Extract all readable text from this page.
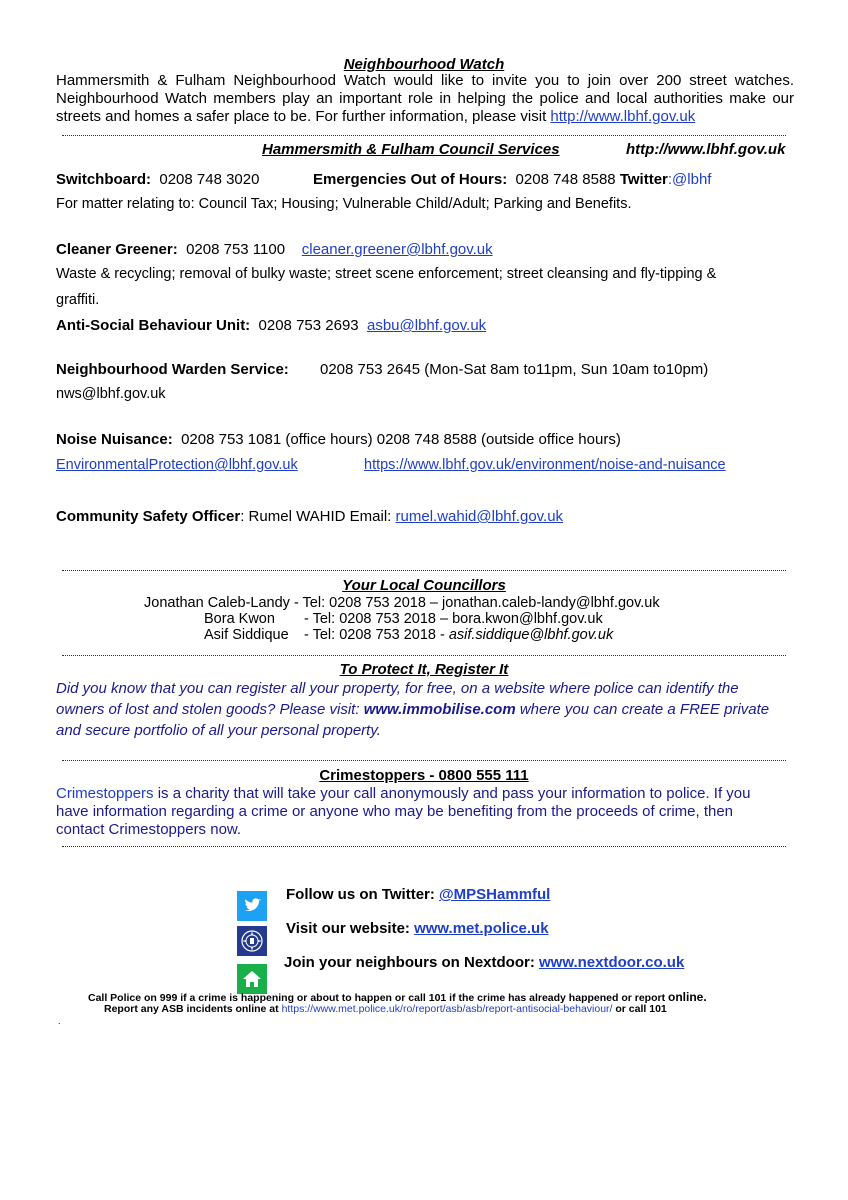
Neighbourhood Watch
Hammersmith & Fulham Neighbourhood Watch would like to invite you to join over 200 street watches. Neighbourhood Watch members play an important role in helping the police and local authorities make our streets and homes a safer place to be. For further information, please visit http://www.lbhf.gov.uk
Hammersmith & Fulham Council Services	http://www.lbhf.gov.uk
Switchboard: 0208 748 3020	Emergencies Out of Hours: 0208 748 8588 Twitter:@lbhf
For matter relating to: Council Tax; Housing; Vulnerable Child/Adult; Parking and Benefits.
Cleaner Greener: 0208 753 1100 cleaner.greener@lbhf.gov.uk
Waste & recycling; removal of bulky waste; street scene enforcement; street cleansing and fly-tipping &
graffiti.
Anti-Social Behaviour Unit: 0208 753 2693 asbu@lbhf.gov.uk
Neighbourhood Warden Service: 0208 753 2645 (Mon-Sat 8am to11pm, Sun 10am to10pm)
nws@lbhf.gov.uk
Noise Nuisance: 0208 753 1081 (office hours) 0208 748 8588 (outside office hours)
EnvironmentalProtection@lbhf.gov.uk	https://www.lbhf.gov.uk/environment/noise-and-nuisance
Community Safety Officer: Rumel WAHID Email: rumel.wahid@lbhf.gov.uk
Your Local Councillors
Jonathan Caleb-Landy - Tel: 0208 753 2018 – jonathan.caleb-landy@lbhf.gov.uk
Bora Kwon - Tel: 0208 753 2018 – bora.kwon@lbhf.gov.uk
Asif Siddique - Tel: 0208 753 2018 - asif.siddique@lbhf.gov.uk
To Protect It, Register It
Did you know that you can register all your property, for free, on a website where police can identify the
owners of lost and stolen goods? Please visit: www.immobilise.com where you can create a FREE private
and secure portfolio of all your personal property.
Crimestoppers - 0800 555 111
Crimestoppers is a charity that will take your call anonymously and pass your information to police. If you
have information regarding a crime or anyone who may be benefiting from the proceeds of crime, then
contact Crimestoppers now.
Follow us on Twitter: @MPSHammful
Visit our website: www.met.police.uk
Join your neighbours on Nextdoor: www.nextdoor.co.uk
Call Police on 999 if a crime is happening or about to happen or call 101 if the crime has already happened or report online.
Report any ASB incidents online at https://www.met.police.uk/ro/report/asb/asb/report-antisocial-behaviour/ or call 101
.
